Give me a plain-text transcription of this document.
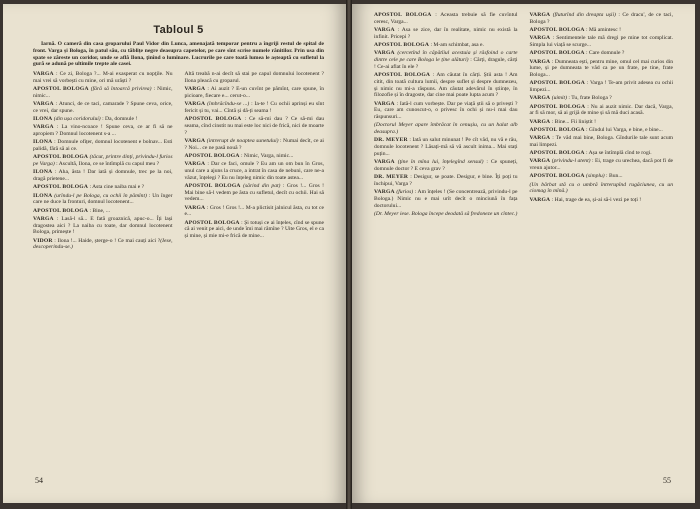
Tabloul 5

Iarnă. O cameră din casa groparului Paul Vidor din Lunca, amenajată temporar pentru a îngriji restul de spital de front. Varga și Bologa, în patul său, cu tăblițe negre deasupra capetelor, pe care sînt scrise numele rănitilor. Prin usa din spate se zăreste un coridor, unde se află Ilona, ţinînd o lumînare. Lucrurile pe care toată lumea le așteaptă cu sufletul la gură se adună pe ultimile trepte ale casei.

VARGA : Ce zi, Bologa ?... M-ai exasperat cu nopţile. Nu mai vrei să vorbești cu mine, ori mă urăști ?

APOSTOL BOLOGA (fără să întoarcă privirea) : Nimic, nimic...

VARGA : Atunci, de ce taci, camarade ? Spune ceva, orice, ce vrei, dar spune.

ILONA (din ușa coridorului) : Da, domnule !

VARGA : La vino-ncoace ! Spune ceva, ce ar fi să ne apropiem ? Domnul locotenent s-a ...

ILONA : Domnule ofițer, domnul locotenent e bolnav... Esti palidă, fără să ai ce.

APOSTOL BOLOGA (tăcut, printre dinți, privindu-l furios pe Varga) : Ascultă, Ilona, ce se întîmplă cu capul meu ?

ILONA : Aha, ăsta ! Dar iată și domnule, trec pe la noi, dragă prietene...

APOSTOL BOLOGA : Asta cine naiba mai e ?

ILONA (urîndu-l pe Bologa, cu ochii în pămînt) : Un înger care ne duce la fronturi, domnul locotenent...

APOSTOL BOLOGA : Bine, ...

VARGA : Lasă-l să... E fată groaznică, apuc-o... Îți lași dragostea aici ? La naiba cu toate, dar domnul locotenent Bologa, primește !

VIDOR : Ilona !... Haide, șterge-o ! Ce mai cauți aici ?(Iese, descoperindu-se.)

Altă treabă n-ai decît să stai pe capul domnului locotenent ? Ilona pleacă cu groparul.

VARGA : Ai auzit ? E-un cuvînt pe pămînt, care spune, în picioare, fiecare e... cerut-o...

VARGA (îmbrăcîndu-se ...) : Ia-te ! Cu ochii aprinși eu sînt fericit și tu, vai... Cîntă și dă-ți seama !

APOSTOL BOLOGA : Ce să-mi dau ? Ce să-mi dau seama, cînd cinstit nu mai este loc nici de frică, nici de moarte ?

VARGA (intrerupt de noaptea sunetului) : Numai decît, ce ai ? Noi... ce ne pasă nouă ?

APOSTOL BOLOGA : Nimic, Varga, nimic...

VARGA : Dar ce faci, omule ? Eu am un om bun în Gros, unul care a ajuns la cruce, a intrat în casa de nebuni, care ne-a văzut, înțelegi ? Eu nu înțeleg nimic din toate astea...

APOSTOL BOLOGA (sărind din pat) : Gros !... Gros ! Mai bine să-l vedem pe ăsta cu sufletul, decît cu ochii. Hai să vedem...

VARGA : Gros ! Gros !... M-a plictisit jalnicul ăsta, cu tot ce e...

APOSTOL BOLOGA : Și totuși ce ai înțeles, cînd se spune că ai venit pe aici, de unde îmi mai rămîne ? Uite Gros, el e ca și mine, și mie mi-e frică de mine...

54

APOSTOL BOLOGA : Aceasta trebuie să fie cuvîntul ceresc, Varga...

VARGA : Asa se zice, dar în realitate, nimic nu există la infinit. Pricepi ?

APOSTOL BOLOGA : M-am schimbat, asa e.

VARGA (cercetînd în căpătîiul acestuia și răsfoind o carte dintre cele pe care Bologa le ține alături) : Cărți, dragule, cărți ! Ce-ai aflat în ele ?

APOSTOL BOLOGA : Am căutat în cărți. Știi asta ! Am citit, din toată cultura lumii, despre suflet și despre dumnezeu, și nimic nu mi-a răspuns. Am căutat adevărul în științe, în filozofie și în dragoste, dar cine mai poate lupta acum ?

VARGA : Iată-l cum vorbește. Dar pe viață știi să o privești ? Eu, care am cunoscut-o, o privesc în ochi și nu-i mai dau răspunsuri...

(Doctorul Meyer apare îmbrăcat în cenușiu, cu un halat alb deasupra.)

DR. MEYER : Iată un salut minunat ! Pe cît văd, nu vă e rău, domnule locotenent ? Lăsați-mă să vă ascult inima... Mai stați puțin...

VARGA (ţine în mîna lui, înțelegînd sensul) : Ce spuneți, domnule doctor ? E ceva grav ?

DR. MEYER : Desigur, se poate. Desigur, e bine. Îți poți tu închipui, Varga ?

VARGA (furios) : Am înțeles ! (Se concentrează, privindu-l pe Bologa.) Nimic nu e mai urît decît o minciună în fața doctorului...

(Dr. Meyer iese. Bologa începe deodată să fredoneze un cîntec.)

VARGA (fluturînd din dreapta ușii) : Ce dracu', de ce taci, Bologa ?

APOSTOL BOLOGA : Mă amintesc !

VARGA : Sentimentele tale mă dregi pe mine tot complicat. Simpla lui viață se scurge...

APOSTOL BOLOGA : Care domnule ?

VARGA : Dumneata ești, pentru mine, omul cel mai curios din lume, și pe dumneata te văd ca pe un frate, pe tine, frate Bologa...

APOSTOL BOLOGA : Varga ! Te-am privit adesea cu ochii limpezi...

VARGA (uimit) : Tu, frate Bologa ?

APOSTOL BOLOGA : Nu ai auzit nimic. Dar dacă, Varga, ar fi să mor, să ai grijă de mine și să mă duci acasă.

VARGA : Bine... Fii liniștit !

APOSTOL BOLOGA : Gîndul lui Varga, e bine, e bine...

VARGA : Te văd mai bine, Bologa. Gîndurile tale sunt acum mai limpezi.

APOSTOL BOLOGA : Așa se întîmplă cînd te rogi.

VARGA (privindu-l atent) : Ei, trage cu urechea, dacă pot fi de vreun ajutor...

APOSTOL BOLOGA (simplu) : Bun...

(Un bărbat stă cu o umbră întrerupînd rugăciunea, cu un ciomag în mînă.)

VARGA : Hai, trage de ea, și-ai să-i vezi pe toți !

55
